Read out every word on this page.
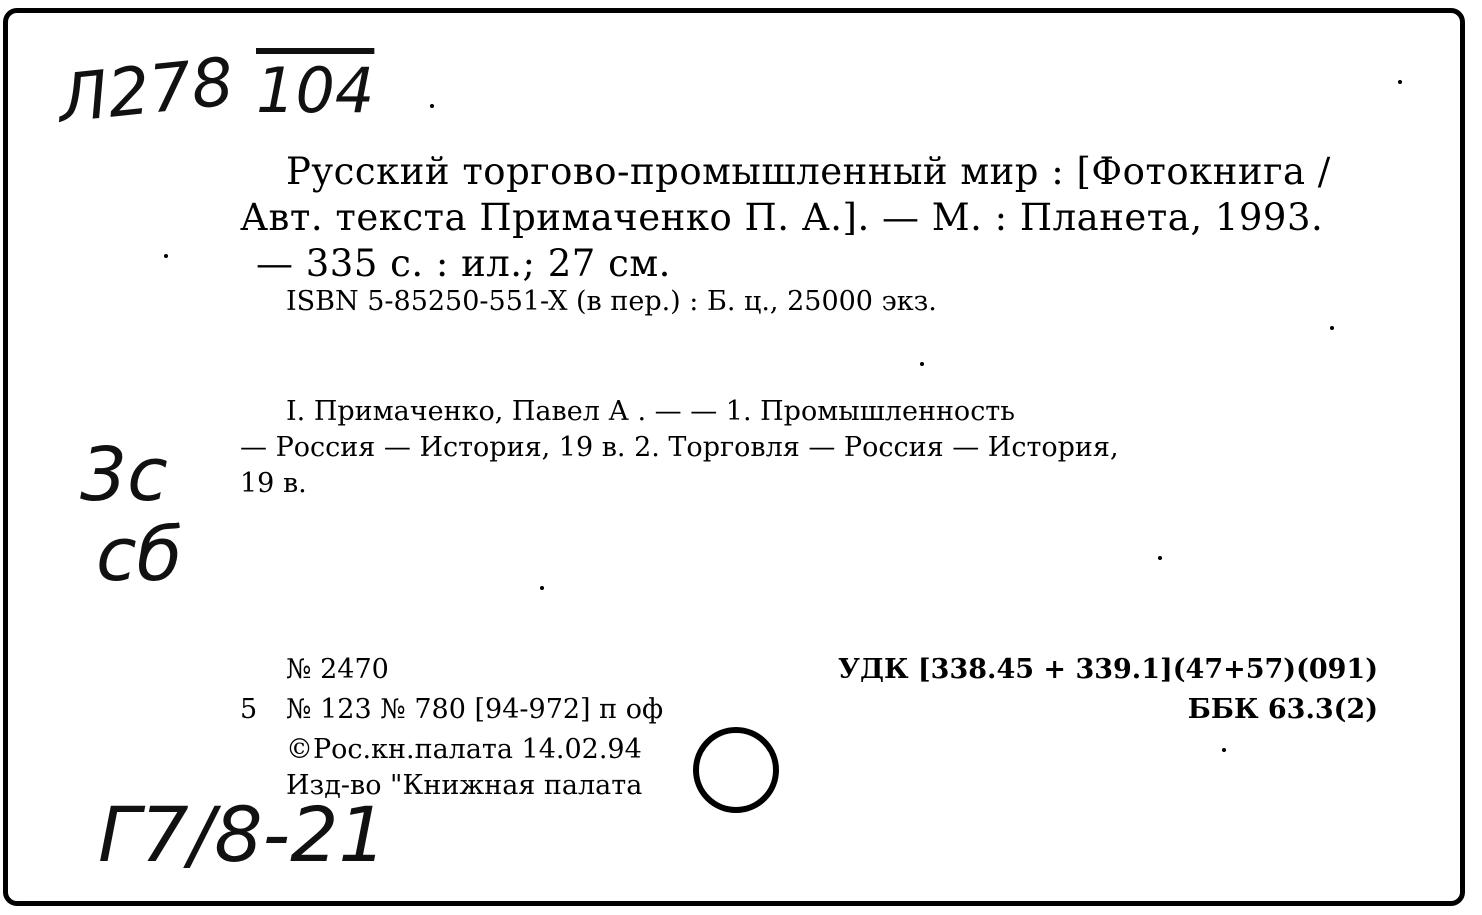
Л278 104
3с
сб
Г7/8-21
Русский торгово-промышленный мир : [Фотокнига /
Авт. текста Примаченко П. А.]. — М. : Планета, 1993.
— 335 с. : ил.; 27 см.
ISBN 5-85250-551-X (в пер.) : Б. ц., 25000 экз.
I. Примаченко, Павел А . — — 1. Промышленность
— Россия — История, 19 в. 2. Торговля — Россия — История,
19 в.
№ 2470
5 № 123 № 780 [94-972] п оф
©Рос.кн.палата 14.02.94
Изд-во "Книжная палата
УДК [338.45 + 339.1](47+57)(091)
ББК 63.3(2)
